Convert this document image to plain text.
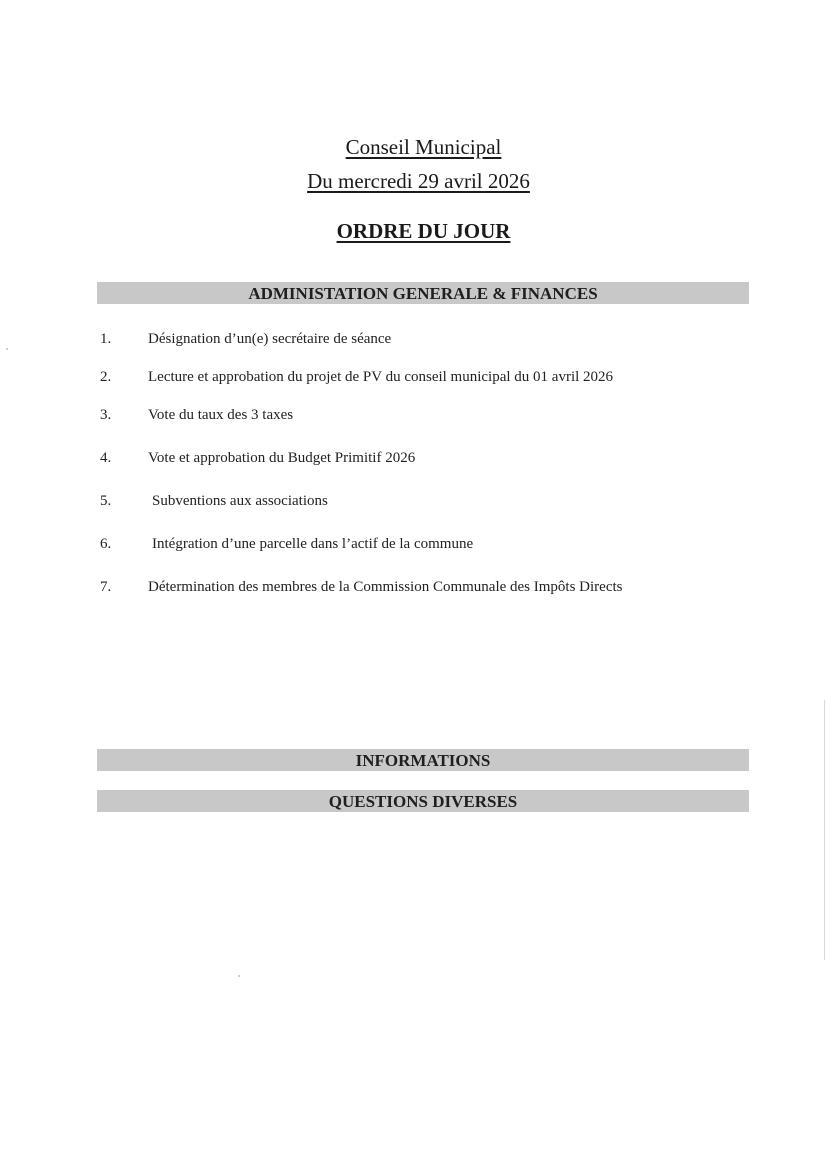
Conseil Municipal
Du mercredi 29 avril 2026
ORDRE DU JOUR
ADMINISTATION GENERALE & FINANCES
1.	Désignation d’un(e) secrétaire de séance
2.	Lecture et approbation du projet de PV du conseil municipal du 01 avril 2026
3.	Vote du taux des 3 taxes
4.	Vote et approbation du Budget Primitif 2026
5.	Subventions aux associations
6.	Intégration d’une parcelle dans l’actif de la commune
7.	Détermination des membres de la Commission Communale des Impôts Directs
INFORMATIONS
QUESTIONS DIVERSES
